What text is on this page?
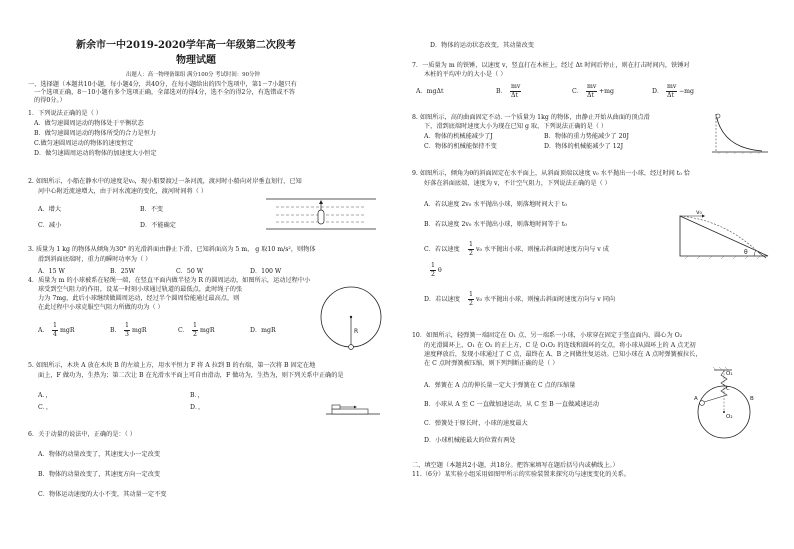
新余市一中2019-2020学年高一年级第二次段考
物理试题
出题人：高一物理备课组 满分100分 考试时间：90分钟
一、选择题（本题共10小题，每小题4分，共40分，在每小题给出的四个选项中，第1－7小题只有
一个选项正确，8－10小题有多个选项正确，全部选对的得4分，选不全的得2分，有选错或不答
的得0分。）
1．下列说法正确的是（ ）
A．做匀速圆周运动的物体处于平衡状态
B．做匀速圆周运动的物体所受的合力是恒力
C.做匀速圆周运动的物体的速度恒定
D．做匀速圆周运动的物体的加速度大小恒定
2. 如图所示，小船在静水中的速度是v₀，现小船要渡过一条河流，渡河时小船向对岸垂直划行，已知
河中心附近流速增大，由于河水流速的变化，渡河时间将（ ）
A．增大	B．不变
C．减小	D．不能确定
3. 质量为 1 kg 的物体从倾角为30° 的光滑斜面由静止下滑，已知斜面高为 5 m， g 取10 m/s²，则物体
滑到斜面底端时，重力的瞬时功率为（ ）
A．15 W	B．25W	C．50 W	D．100 W
4．质量为 m 的小球被系在轻绳一端，在竖直平面内做半径为 R 的圆周运动，如图所示，运动过程中小
球受到空气阻力的作用，设某一时刻小球通过轨道的最低点，此时绳子的张
力为 7mg，此后小球继续做圆周运动，经过半个圆周恰能通过最高点，则
在此过程中小球克服空气阻力所做的功为（ ）
R
A．
1
4
mgR	B．
1
3
mgR	C．
1
2
mgR	D．mgR
5. 如图所示，木块 A 放在木块 B 的左端上方，用水平恒力 F 将 A 拉到 B 的右端，第一次将 B 固定在地
面上，F 做功为，生热为；第二次让 B 在光滑水平面上可自由滑动，F 做功为，生热为，则下列关系中正确的是
A．，	B．，
C．，	D．，
6．关于动量的说法中，正确的是：（ ）
A．物体的动量改变了，其速度大小一定改变
B．物体的动量改变了，其速度方向一定改变
C．物体运动速度的大小不变，其动量一定不变
D．物体的运动状态改变，其动量改变
7．一质量为 m 的铁锤，以速度 v，竖直打在木桩上，经过 Δt 时间后停止，则在打击时间内，铁锤对
木桩的平均冲力的大小是（ ）
A．mgΔt	B．
mv
Δt
C．
mv
Δt
+mg	D．
mv
Δt
−mg
8. 如图所示，高的曲面固定不动. 一个质量为 1kg 的物体，由静止开始从曲面的顶点滑
下，滑到底端时速度大小为现在已知 g 取，下列说法正确的是（ ）
A．物体的机械能减少了J	B．物体的重力势能减少了 20J
C．物体的机械能保持不变	D．物体的机械能减少了 12J
9. 如图所示，倾角为θ的斜面固定在水平面上，从斜面顶端以速度 v₀ 水平抛出一小球，经过时间 t₀ 恰
好落在斜面底端，速度为 v，不计空气阻力，下列说法正确的是（ ）
A．若以速度 2v₀ 水平抛出小球，则落地时间大于 t₀
B．若以速度 2v₀ 水平抛出小球，则落地时间等于 t₀
C．若以速度
1
2
v₀ 水平抛出小球，则撞击斜面时速度方向与 v 成
1
2
θ
D．若以速度
1
2
v₀ 水平抛出小球，则撞击斜面时速度方向与 v 同向
v₀
θ
10．如图所示，轻弹簧一端固定在 O₁ 点，另一端系一小球，小球穿在固定于竖直面内、圆心为 O₂
的光滑圆环上，O₁ 在 O₂ 的正上方，C 是 O₁O₂ 的连线和圆环的交点，将小球从圆环上的 A 点无初
速度释放后，发现小球通过了 C 点，最终在 A、B 之间做往复运动。已知小球在 A 点时弹簧被拉长，
在 C 点时弹簧被压缩，则下列判断正确的是（ ）
A．弹簧在 A 点的伸长量一定大于弹簧在 C 点的压缩量
B．小球从 A 至 C 一直做加速运动，从 C 至 B 一直做减速运动
C．弹簧处于原长时，小球的速度最大
D．小球机械能最大的位置有两处
O₁
O₂
A	B
C
二、填空题（本题共2小题，共18分。把答案填写在题后括号内或横线上。）
11.（6分）某实验小组采用如图甲所示的实验装置来探究功与速度变化的关系。
